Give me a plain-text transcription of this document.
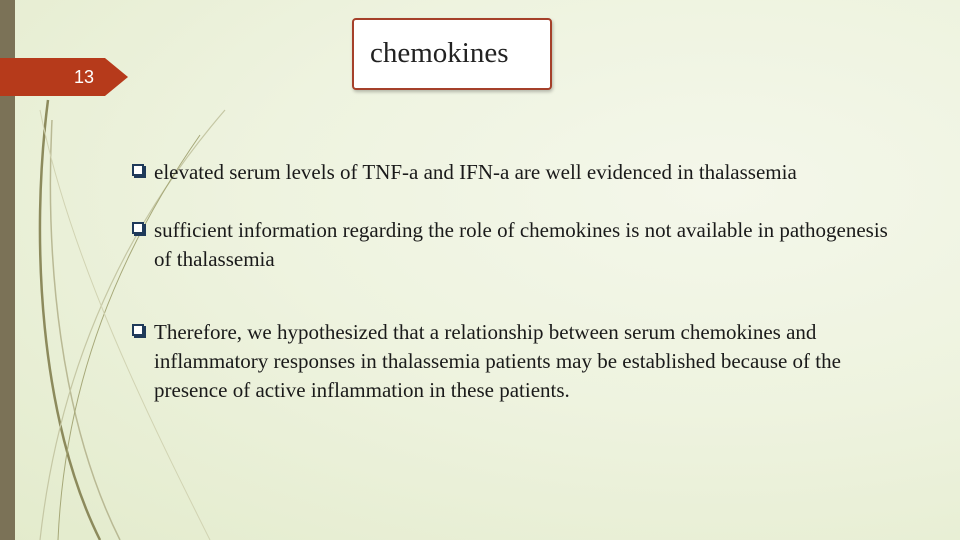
13
chemokines
elevated serum levels of TNF-a and IFN-a are well evidenced in thalassemia
sufficient information regarding the role of chemokines is not available in pathogenesis of thalassemia
Therefore, we hypothesized that a relationship between serum chemokines and inflammatory responses in thalassemia patients may be established because of the presence of active inflammation in these patients.
